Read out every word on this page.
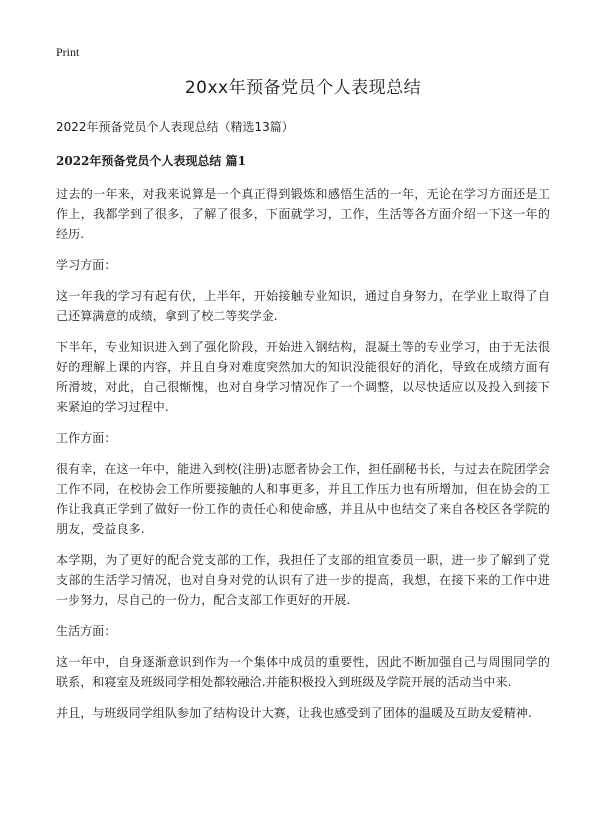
Print
20xx年预备党员个人表现总结
2022年预备党员个人表现总结（精选13篇）
2022年预备党员个人表现总结 篇1
过去的一年来，对我来说算是一个真正得到锻炼和感悟生活的一年，无论在学习方面还是工作上，我都学到了很多，了解了很多，下面就学习，工作，生活等各方面介绍一下这一年的经历.
学习方面：
这一年我的学习有起有伏，上半年，开始接触专业知识，通过自身努力，在学业上取得了自己还算满意的成绩，拿到了校二等奖学金.
下半年，专业知识进入到了强化阶段，开始进入钢结构，混凝土等的专业学习，由于无法很好的理解上课的内容，并且自身对难度突然加大的知识没能很好的消化，导致在成绩方面有所滑坡，对此，自己很惭愧，也对自身学习情况作了一个调整，以尽快适应以及投入到接下来紧迫的学习过程中.
工作方面：
很有幸，在这一年中，能进入到校(注册)志愿者协会工作，担任副秘书长，与过去在院团学会工作不同，在校协会工作所要接触的人和事更多，并且工作压力也有所增加，但在协会的工作让我真正学到了做好一份工作的责任心和使命感，并且从中也结交了来自各校区各学院的朋友，受益良多.
本学期，为了更好的配合党支部的工作，我担任了支部的组宣委员一职，进一步了解到了党支部的生活学习情况，也对自身对党的认识有了进一步的提高，我想，在接下来的工作中进一步努力，尽自己的一份力，配合支部工作更好的开展.
生活方面：
这一年中，自身逐渐意识到作为一个集体中成员的重要性，因此不断加强自己与周围同学的联系，和寝室及班级同学相处都较融洽.并能积极投入到班级及学院开展的活动当中来.
并且，与班级同学组队参加了结构设计大赛，让我也感受到了团体的温暖及互助友爱精神.
